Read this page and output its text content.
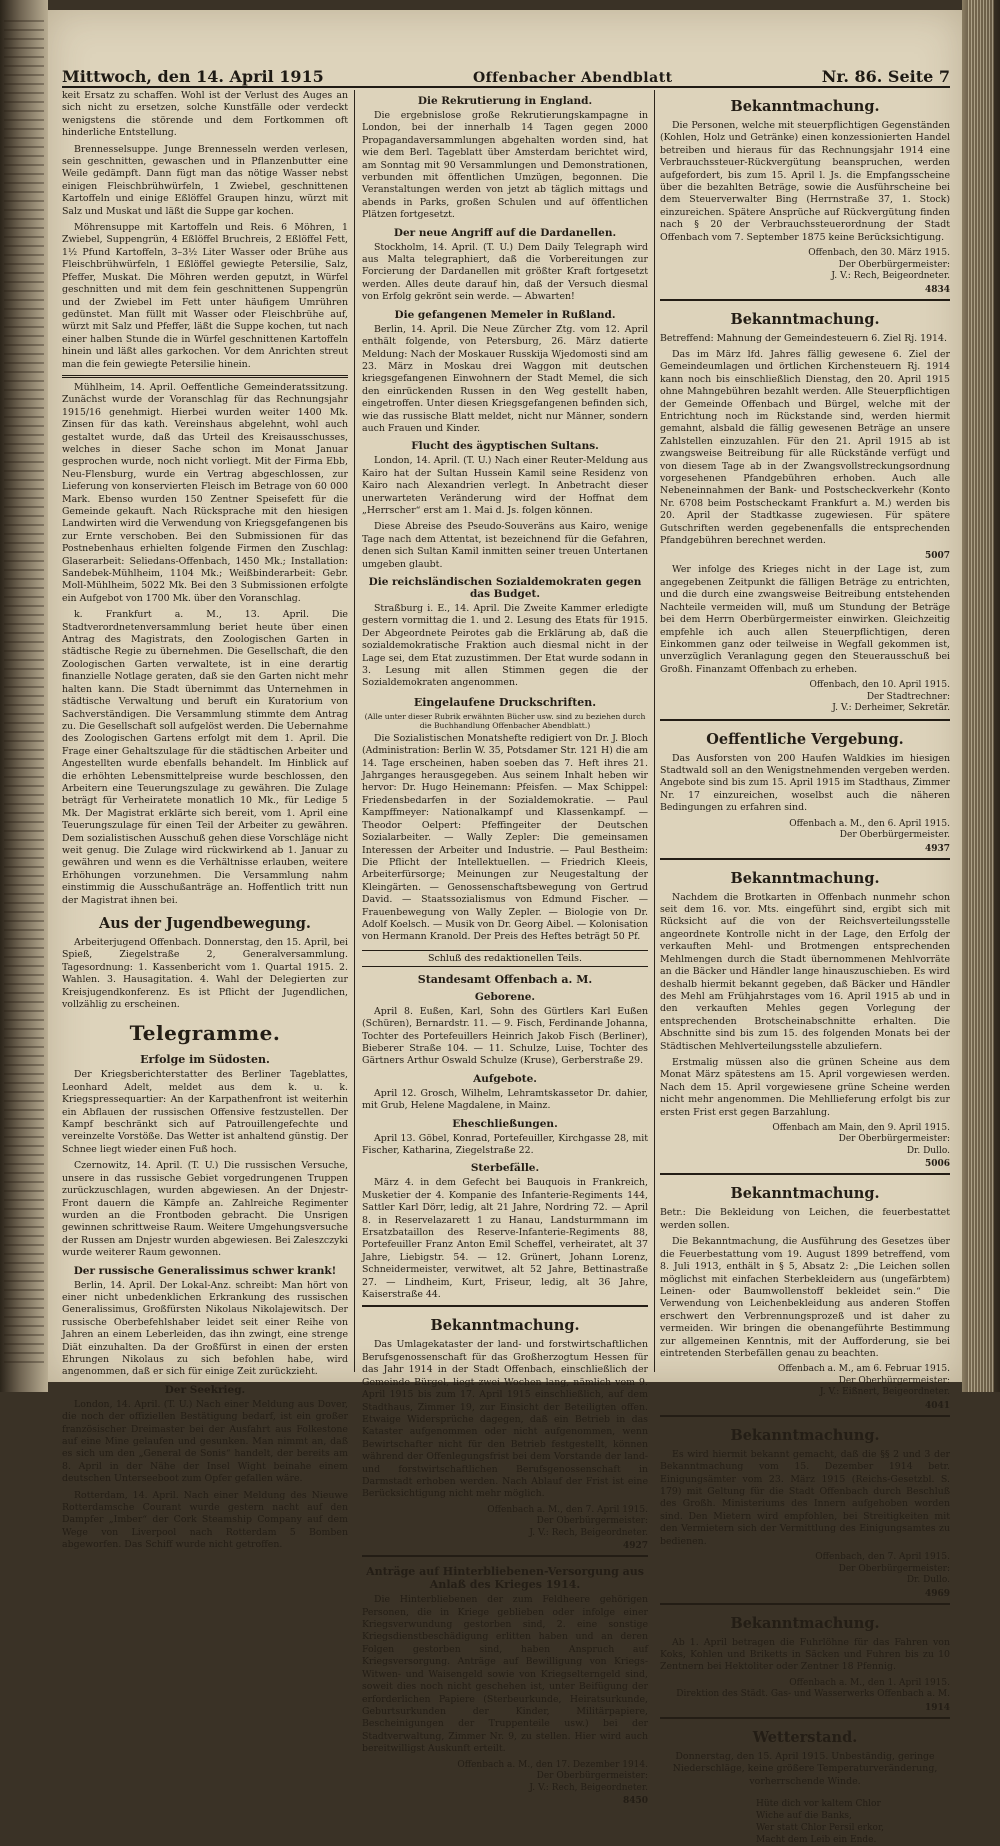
Mittwoch, den 14. April 1915	Offenbacher Abendblatt	Nr. 86. Seite 7

keit Ersatz zu schaffen. Wohl ist der Verlust des Auges an sich nicht zu ersetzen, solche Kunstfälle oder verdeckt wenigstens die störende und dem Fortkommen oft hinderliche Entstellung.

Brennesselsuppe. Junge Brennesseln werden verlesen, sein geschnitten, gewaschen und in Pflanzenbutter eine Weile gedämpft. Dann fügt man das nötige Wasser nebst einigen Fleischbrühwürfeln, 1 Zwiebel, geschnittenen Kartoffeln und einige Eßlöffel Graupen hinzu, würzt mit Salz und Muskat und läßt die Suppe gar kochen.

Möhrensuppe mit Kartoffeln und Reis. 6 Möhren, 1 Zwiebel, Suppengrün, 4 Eßlöffel Bruchreis, 2 Eßlöffel Fett, 1½ Pfund Kartoffeln, 3–3½ Liter Wasser oder Brühe aus Fleischbrühwürfeln, 1 Eßlöffel gewiegte Petersilie, Salz, Pfeffer, Muskat. Die Möhren werden geputzt, in Würfel geschnitten und mit dem fein geschnittenen Suppengrün und der Zwiebel im Fett unter häufigem Umrühren gedünstet. Man füllt mit Wasser oder Fleischbrühe auf, würzt mit Salz und Pfeffer, läßt die Suppe kochen, tut nach einer halben Stunde die in Würfel geschnittenen Kartoffeln hinein und läßt alles garkochen. Vor dem Anrichten streut man die fein gewiegte Petersilie hinein.

Mühlheim, 14. April. Oeffentliche Gemeinderatssitzung. Zunächst wurde der Voranschlag für das Rechnungsjahr 1915/16 genehmigt. Hierbei wurden weiter 1400 Mk. Zinsen für das kath. Vereinshaus abgelehnt, wohl auch gestaltet wurde, daß das Urteil des Kreisausschusses, welches in dieser Sache schon im Monat Januar gesprochen wurde, noch nicht vorliegt. Mit der Firma Ebb, Neu-Flensburg, wurde ein Vertrag abgeschlossen, zur Lieferung von konservierten Fleisch im Betrage von 60 000 Mark. Ebenso wurden 150 Zentner Speisefett für die Gemeinde gekauft. Nach Rücksprache mit den hiesigen Landwirten wird die Verwendung von Kriegsgefangenen bis zur Ernte verschoben. Bei den Submissionen für das Postnebenhaus erhielten folgende Firmen den Zuschlag: Glaserarbeit: Seliedans-Offenbach, 1450 Mk.; Installation: Sandebek-Mühlheim, 1104 Mk.; Weißbinderarbeit: Gebr. Moll-Mühlheim, 5022 Mk. Bei den 3 Submissionen erfolgte ein Aufgebot von 1700 Mk. über den Voranschlag.

k. Frankfurt a. M., 13. April. Die Stadtverordnetenversammlung beriet heute über einen Antrag des Magistrats, den Zoologischen Garten in städtische Regie zu übernehmen. Die Gesellschaft, die den Zoologischen Garten verwaltete, ist in eine derartig finanzielle Notlage geraten, daß sie den Garten nicht mehr halten kann. Die Stadt übernimmt das Unternehmen in städtische Verwaltung und beruft ein Kuratorium von Sachverständigen. Die Versammlung stimmte dem Antrag zu. Die Gesellschaft soll aufgelöst werden. Die Uebernahme des Zoologischen Gartens erfolgt mit dem 1. April. Die Frage einer Gehaltszulage für die städtischen Arbeiter und Angestellten wurde ebenfalls behandelt. Im Hinblick auf die erhöhten Lebensmittelpreise wurde beschlossen, den Arbeitern eine Teuerungszulage zu gewähren. Die Zulage beträgt für Verheiratete monatlich 10 Mk., für Ledige 5 Mk. Der Magistrat erklärte sich bereit, vom 1. April eine Teuerungszulage für einen Teil der Arbeiter zu gewähren. Dem sozialistischen Ausschuß gehen diese Vorschläge nicht weit genug. Die Zulage wird rückwirkend ab 1. Januar zu gewähren und wenn es die Verhältnisse erlauben, weitere Erhöhungen vorzunehmen. Die Versammlung nahm einstimmig die Ausschußanträge an. Hoffentlich tritt nun der Magistrat ihnen bei.

Aus der Jugendbewegung.

Arbeiterjugend Offenbach. Donnerstag, den 15. April, bei Spieß, Ziegelstraße 2, Generalversammlung. Tagesordnung: 1. Kassenbericht vom 1. Quartal 1915. 2. Wahlen. 3. Hausagitation. 4. Wahl der Delegierten zur Kreisjugendkonferenz. Es ist Pflicht der Jugendlichen, vollzählig zu erscheinen.

Telegramme.
Erfolge im Südosten.

Der Kriegsberichterstatter des Berliner Tageblattes, Leonhard Adelt, meldet aus dem k. u. k. Kriegspressequartier: An der Karpathenfront ist weiterhin ein Abflauen der russischen Offensive festzustellen. Der Kampf beschränkt sich auf Patrouillengefechte und vereinzelte Vorstöße. Das Wetter ist anhaltend günstig. Der Schnee liegt wieder einen Fuß hoch.

Czernowitz, 14. April. (T. U.) Die russischen Versuche, unsere in das russische Gebiet vorgedrungenen Truppen zurückzuschlagen, wurden abgewiesen. An der Dnjestr-Front dauern die Kämpfe an. Zahlreiche Regimenter wurden an die Frontboden gebracht. Die Unsrigen gewinnen schrittweise Raum. Weitere Umgehungsversuche der Russen am Dnjestr wurden abgewiesen. Bei Zaleszczyki wurde weiterer Raum gewonnen.

Der russische Generalissimus schwer krank!

Berlin, 14. April. Der Lokal-Anz. schreibt: Man hört von einer nicht unbedenklichen Erkrankung des russischen Generalissimus, Großfürsten Nikolaus Nikolajewitsch. Der russische Oberbefehlshaber leidet seit einer Reihe von Jahren an einem Leberleiden, das ihn zwingt, eine strenge Diät einzuhalten. Da der Großfürst in einen der ersten Ehrungen Nikolaus zu sich befohlen habe, wird angenommen, daß er sich für einige Zeit zurückzieht.

Der Seekrieg.

London, 14. April. (T. U.) Nach einer Meldung aus Dover, die noch der offiziellen Bestätigung bedarf, ist ein großer französischer Dreimaster bei der Ausfahrt aus Folkestone auf eine Mine gelaufen und gesunken. Man nimmt an, daß es sich um den „General de Sonis“ handelt, der bereits am 8. April in der Nähe der Insel Wight beinahe einem deutschen Unterseeboot zum Opfer gefallen wäre.

Rotterdam, 14. April. Nach einer Meldung des Nieuwe Rotterdamsche Courant wurde gestern nacht auf den Dampfer „Imber“ der Cork Steamship Company auf dem Wege von Liverpool nach Rotterdam 5 Bomben abgeworfen. Das Schiff wurde nicht getroffen.

Die Rekrutierung in England.

Die ergebnislose große Rekrutierungskampagne in London, bei der innerhalb 14 Tagen gegen 2000 Propagandaversammlungen abgehalten worden sind, hat wie dem Berl. Tageblatt über Amsterdam berichtet wird, am Sonntag mit 90 Versammlungen und Demonstrationen, verbunden mit öffentlichen Umzügen, begonnen. Die Veranstaltungen werden von jetzt ab täglich mittags und abends in Parks, großen Schulen und auf öffentlichen Plätzen fortgesetzt.

Der neue Angriff auf die Dardanellen.

Stockholm, 14. April. (T. U.) Dem Daily Telegraph wird aus Malta telegraphiert, daß die Vorbereitungen zur Forcierung der Dardanellen mit größter Kraft fortgesetzt werden. Alles deute darauf hin, daß der Versuch diesmal von Erfolg gekrönt sein werde. — Abwarten!

Die gefangenen Memeler in Rußland.

Berlin, 14. April. Die Neue Zürcher Ztg. vom 12. April enthält folgende, von Petersburg, 26. März datierte Meldung: Nach der Moskauer Russkija Wjedomosti sind am 23. März in Moskau drei Waggon mit deutschen kriegsgefangenen Einwohnern der Stadt Memel, die sich den einrückenden Russen in den Weg gestellt haben, eingetroffen. Unter diesen Kriegsgefangenen befinden sich, wie das russische Blatt meldet, nicht nur Männer, sondern auch Frauen und Kinder.

Flucht des ägyptischen Sultans.

London, 14. April. (T. U.) Nach einer Reuter-Meldung aus Kairo hat der Sultan Hussein Kamil seine Residenz von Kairo nach Alexandrien verlegt. In Anbetracht dieser unerwarteten Veränderung wird der Hoffnat dem „Herrscher“ erst am 1. Mai d. Js. folgen können.

Diese Abreise des Pseudo-Souveräns aus Kairo, wenige Tage nach dem Attentat, ist bezeichnend für die Gefahren, denen sich Sultan Kamil inmitten seiner treuen Untertanen umgeben glaubt.

Die reichsländischen Sozialdemokraten gegen das Budget.

Straßburg i. E., 14. April. Die Zweite Kammer erledigte gestern vormittag die 1. und 2. Lesung des Etats für 1915. Der Abgeordnete Peirotes gab die Erklärung ab, daß die sozialdemokratische Fraktion auch diesmal nicht in der Lage sei, dem Etat zuzustimmen. Der Etat wurde sodann in 3. Lesung mit allen Stimmen gegen die der Sozialdemokraten angenommen.

Eingelaufene Druckschriften.

(Alle unter dieser Rubrik erwähnten Bücher usw. sind zu beziehen durch die Buchhandlung Offenbacher Abendblatt.)

Die Sozialistischen Monatshefte redigiert von Dr. J. Bloch (Administration: Berlin W. 35, Potsdamer Str. 121 H) die am 14. Tage erscheinen, haben soeben das 7. Heft ihres 21. Jahrganges herausgegeben. Aus seinem Inhalt heben wir hervor: Dr. Hugo Heinemann: Pfeisfen. — Max Schippel: Friedensbedarfen in der Sozialdemokratie. — Paul Kampffmeyer: Nationalkampf und Klassenkampf. — Theodor Oelpert: Pfeffingeiter der Deutschen Sozialarbeiter. — Wally Zepler: Die gemeinsamen Interessen der Arbeiter und Industrie. — Paul Bestheim: Die Pflicht der Intellektuellen. — Friedrich Kleeis, Arbeiterfürsorge; Meinungen zur Neugestaltung der Kleingärten. — Genossenschaftsbewegung von Gertrud David. — Staatssozialismus von Edmund Fischer. — Frauenbewegung von Wally Zepler. — Biologie von Dr. Adolf Koelsch. — Musik von Dr. Georg Aibel. — Kolonisation von Hermann Kranold. Der Preis des Heftes beträgt 50 Pf.

Schluß des redaktionellen Teils.
Standesamt Offenbach a. M.
Geborene.

April 8. Eußen, Karl, Sohn des Gürtlers Karl Eußen (Schüren), Bernardstr. 11. — 9. Fisch, Ferdinande Johanna, Tochter des Portefeuillers Heinrich Jakob Fisch (Berliner), Bieberer Straße 104. — 11. Schulze, Luise, Tochter des Gärtners Arthur Oswald Schulze (Kruse), Gerberstraße 29.

Aufgebote.

April 12. Grosch, Wilhelm, Lehramtskassetor Dr. dahier, mit Grub, Helene Magdalene, in Mainz.

Eheschließungen.

April 13. Göbel, Konrad, Portefeuiller, Kirchgasse 28, mit Fischer, Katharina, Ziegelstraße 22.

Sterbefälle.

März 4. in dem Gefecht bei Bauquois in Frankreich, Musketier der 4. Kompanie des Infanterie-Regiments 144, Sattler Karl Dörr, ledig, alt 21 Jahre, Nordring 72. — April 8. in Reservelazarett 1 zu Hanau, Landsturmmann im Ersatzbataillon des Reserve-Infanterie-Regiments 88, Portefeuiller Franz Anton Emil Scheffel, verheiratet, alt 37 Jahre, Liebigstr. 54. — 12. Grünert, Johann Lorenz, Schneidermeister, verwitwet, alt 52 Jahre, Bettinastraße 27. — Lindheim, Kurt, Friseur, ledig, alt 36 Jahre, Kaiserstraße 44.

Bekanntmachung.

Das Umlagekataster der land- und forstwirtschaftlichen Berufsgenossenschaft für das Großherzogtum Hessen für das Jahr 1914 in der Stadt Offenbach, einschließlich der Gemeinde Bürgel, liegt zwei Wochen lang, nämlich vom 9. April 1915 bis zum 17. April 1915 einschließlich, auf dem Stadthaus, Zimmer 19, zur Einsicht der Beteiligten offen. Etwaige Widersprüche dagegen, daß ein Betrieb in das Kataster aufgenommen oder nicht aufgenommen, wenn Bewirtschafter nicht für den Betrieb festgestellt, können während der Offenlegungsfrist bei dem Vorstande der land- und forstwirtschaftlichen Berufsgenossenschaft in Darmstadt erhoben werden. Nach Ablauf der Frist ist eine Berücksichtigung nicht mehr möglich.

Offenbach a. M., den 7. April 1915.
Der Oberbürgermeister:
J. V.: Rech, Beigeordneter.

4927

Anträge auf Hinterbliebenen-Versorgung aus Anlaß des Krieges 1914.

Die Hinterbliebenen der zum Feldheere gehörigen Personen, die in Kriege geblieben oder infolge einer Kriegsverwundung gestorben sind, 2. eine sonstige Kriegsdienstbeschädigung erlitten haben und an deren Folgen gestorben sind, haben Anspruch auf Kriegsversorgung. Anträge auf Bewilligung von Kriegs-Witwen- und Waisengeld sowie von Kriegselterngeld sind, soweit dies noch nicht geschehen ist, unter Beifügung der erforderlichen Papiere (Sterbeurkunde, Heiratsurkunde, Geburtsurkunden der Kinder, Militärpapiere, Bescheinigungen der Truppenteile usw.) bei der Stadtverwaltung, Zimmer Nr. 9, zu stellen. Hier wird auch bereitwilligst Auskunft erteilt.

Offenbach a. M., den 17. Dezember 1914.
Der Oberbürgermeister:
J. V.: Rech, Beigeordneter.

8450

Bekanntmachung.

Die Personen, welche mit steuerpflichtigen Gegenständen (Kohlen, Holz und Getränke) einen konzessionierten Handel betreiben und hieraus für das Rechnungsjahr 1914 eine Verbrauchssteuer-Rückvergütung beanspruchen, werden aufgefordert, bis zum 15. April l. Js. die Empfangsscheine über die bezahlten Beträge, sowie die Ausführscheine bei dem Steuerverwalter Bing (Herrnstraße 37, 1. Stock) einzureichen. Spätere Ansprüche auf Rückvergütung finden nach § 20 der Verbrauchssteuerordnung der Stadt Offenbach vom 7. September 1875 keine Berücksichtigung.

Offenbach, den 30. März 1915.
Der Oberbürgermeister:
J. V.: Rech, Beigeordneter.

4834

Bekanntmachung.

Betreffend: Mahnung der Gemeindesteuern 6. Ziel Rj. 1914.

Das im März lfd. Jahres fällig gewesene 6. Ziel der Gemeindeumlagen und örtlichen Kirchensteuern Rj. 1914 kann noch bis einschließlich Dienstag, den 20. April 1915 ohne Mahngebühren bezahlt werden. Alle Steuerpflichtigen der Gemeinde Offenbach und Bürgel, welche mit der Entrichtung noch im Rückstande sind, werden hiermit gemahnt, alsbald die fällig gewesenen Beträge an unsere Zahlstellen einzuzahlen. Für den 21. April 1915 ab ist zwangsweise Beitreibung für alle Rückstände verfügt und von diesem Tage ab in der Zwangsvollstreckungsordnung vorgesehenen Pfandgebühren erhoben. Auch alle Nebeneinnahmen der Bank- und Postscheckverkehr (Konto Nr. 6708 beim Postscheckamt Frankfurt a. M.) werden bis 20. April der Stadtkasse zugewiesen. Für spätere Gutschriften werden gegebenenfalls die entsprechenden Pfandgebühren berechnet werden.

5007

Wer infolge des Krieges nicht in der Lage ist, zum angegebenen Zeitpunkt die fälligen Beträge zu entrichten, und die durch eine zwangsweise Beitreibung entstehenden Nachteile vermeiden will, muß um Stundung der Beträge bei dem Herrn Oberbürgermeister einwirken. Gleichzeitig empfehle ich auch allen Steuerpflichtigen, deren Einkommen ganz oder teilweise in Wegfall gekommen ist, unverzüglich Veranlagung gegen den Steuerausschuß bei Großh. Finanzamt Offenbach zu erheben.

Offenbach, den 10. April 1915.
Der Stadtrechner:
J. V.: Derheimer, Sekretär.

Oeffentliche Vergebung.

Das Ausforsten von 200 Haufen Waldkies im hiesigen Stadtwald soll an den Wenigstnehmenden vergeben werden. Angebote sind bis zum 15. April 1915 im Stadthaus, Zimmer Nr. 17 einzureichen, woselbst auch die näheren Bedingungen zu erfahren sind.

Offenbach a. M., den 6. April 1915.
Der Oberbürgermeister.

4937

Bekanntmachung.

Nachdem die Brotkarten in Offenbach nunmehr schon seit dem 16. vor. Mts. eingeführt sind, ergibt sich mit Rücksicht auf die von der Reichsverteilungsstelle angeordnete Kontrolle nicht in der Lage, den Erfolg der verkauften Mehl- und Brotmengen entsprechenden Mehlmengen durch die Stadt übernommenen Mehlvorräte an die Bäcker und Händler lange hinauszuschieben. Es wird deshalb hiermit bekannt gegeben, daß Bäcker und Händler des Mehl am Frühjahrstages vom 16. April 1915 ab und in den verkauften Mehles gegen Vorlegung der entsprechenden Brotscheinabschnitte erhalten. Die Abschnitte sind bis zum 15. des folgenden Monats bei der Städtischen Mehlverteilungsstelle abzuliefern.

Erstmalig müssen also die grünen Scheine aus dem Monat März spätestens am 15. April vorgewiesen werden. Nach dem 15. April vorgewiesene grüne Scheine werden nicht mehr angenommen. Die Mehllieferung erfolgt bis zur ersten Frist erst gegen Barzahlung.

Offenbach am Main, den 9. April 1915.
Der Oberbürgermeister:
Dr. Dullo.

5006

Bekanntmachung.

Betr.: Die Bekleidung von Leichen, die feuerbestattet werden sollen.

Die Bekanntmachung, die Ausführung des Gesetzes über die Feuerbestattung vom 19. August 1899 betreffend, vom 8. Juli 1913, enthält in § 5, Absatz 2: „Die Leichen sollen möglichst mit einfachen Sterbekleidern aus (ungefärbtem) Leinen- oder Baumwollenstoff bekleidet sein.“ Die Verwendung von Leichenbekleidung aus anderen Stoffen erschwert den Verbrennungsprozeß und ist daher zu vermeiden. Wir bringen die obenangeführte Bestimmung zur allgemeinen Kenntnis, mit der Aufforderung, sie bei eintretenden Sterbefällen genau zu beachten.

Offenbach a. M., am 6. Februar 1915.
Der Oberbürgermeister:
J. V.: Eißnert, Beigeordneter.

4041

Bekanntmachung.

Es wird hiermit bekannt gemacht, daß die §§ 2 und 3 der Bekanntmachung vom 15. Dezember 1914 betr. Einigungsämter vom 23. März 1915 (Reichs-Gesetzbl. S. 179) mit Geltung für die Stadt Offenbach durch Beschluß des Großh. Ministeriums des Innern aufgehoben worden sind. Den Mietern wird empfohlen, bei Streitigkeiten mit den Vermietern sich der Vermittlung des Einigungsamtes zu bedienen.

Offenbach, den 7. April 1915.
Der Oberbürgermeister:
Dr. Dullo.

4969

Bekanntmachung.

Ab 1. April betragen die Fuhrlöhne für das Fahren von Koks, Kohlen und Briketts in Säcken und Fuhren bis zu 10 Zentnern bei Hektoliter oder Zentner 18 Pfennig.

Offenbach a. M., den 1. April 1915.
Direktion des Städt. Gas- und Wasserwerks Offenbach a. M.

1914

Wetterstand.

Donnerstag, den 15. April 1915. Unbeständig, geringe Niederschläge, keine größere Temperaturveränderung, vorherrschende Winde.

Hüte dich vor kaltem Chlor
Wiche auf die Banks,
Wer statt Chlor Persil erkor,
Macht dem Leib ein Ende.
